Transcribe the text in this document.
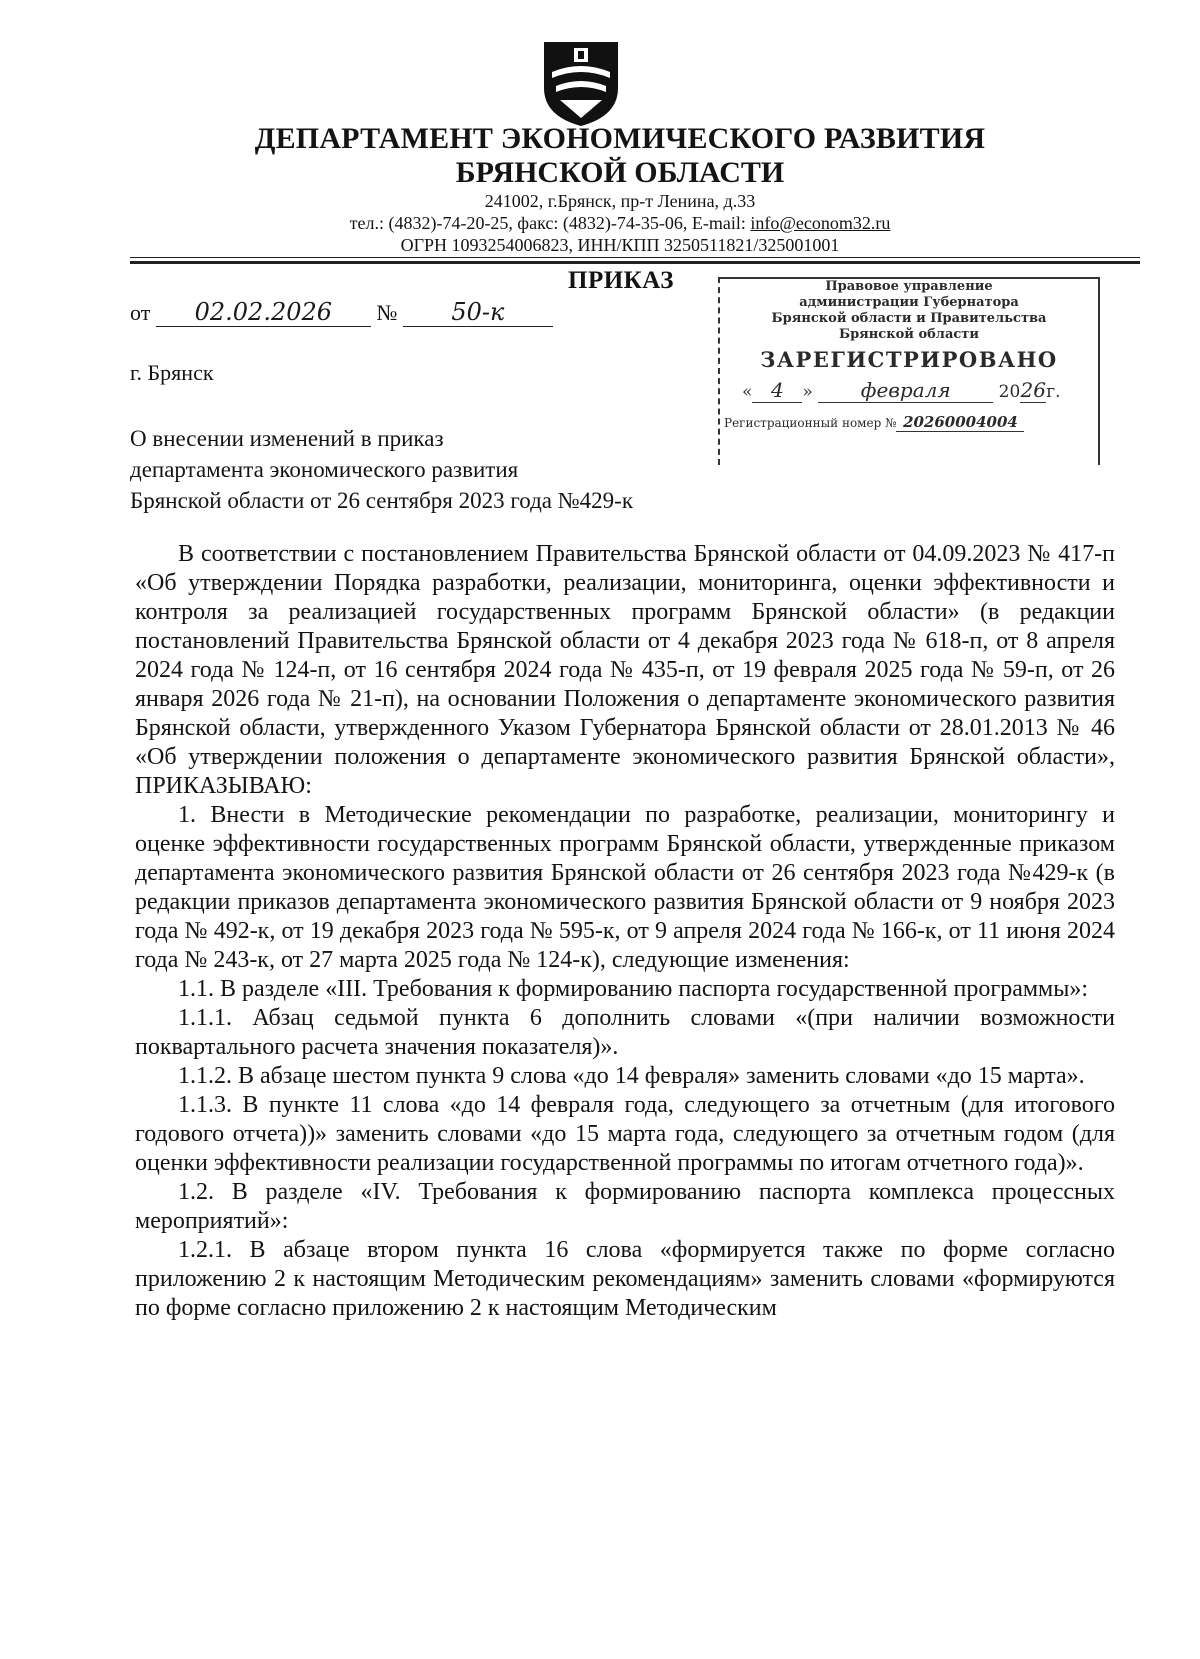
ДЕПАРТАМЕНТ ЭКОНОМИЧЕСКОГО РАЗВИТИЯ
БРЯНСКОЙ ОБЛАСТИ
241002, г.Брянск, пр-т Ленина, д.33
тел.: (4832)-74-20-25, факс: (4832)-74-35-06, E-mail: info@econom32.ru
ОГРН 1093254006823, ИНН/КПП 3250511821/325001001
ПРИКАЗ
от 02.02.2026 № 50-к
г. Брянск
О внесении изменений в приказ
департамента экономического развития
Брянской области от 26 сентября 2023 года №429-к
Правовое управление
администрации Губернатора
Брянской области и Правительства
Брянской области
ЗАРЕГИСТРИРОВАНО
« 4 » февраля	2026г.
Регистрационный номер № 20260004004

В соответствии с постановлением Правительства Брянской области от 04.09.2023 № 417-п «Об утверждении Порядка разработки, реализации, мониторинга, оценки эффективности и контроля за реализацией государственных программ Брянской области» (в редакции постановлений Правительства Брянской области от 4 декабря 2023 года № 618-п, от 8 апреля 2024 года № 124-п, от 16 сентября 2024 года № 435-п, от 19 февраля 2025 года № 59-п, от 26 января 2026 года № 21-п), на основании Положения о департаменте экономического развития Брянской области, утвержденного Указом Губернатора Брянской области от 28.01.2013 № 46 «Об утверждении положения о департаменте экономического развития Брянской области», ПРИКАЗЫВАЮ:

1. Внести в Методические рекомендации по разработке, реализации, мониторингу и оценке эффективности государственных программ Брянской области, утвержденные приказом департамента экономического развития Брянской области от 26 сентября 2023 года №429-к (в редакции приказов департамента экономического развития Брянской области от 9 ноября 2023 года № 492-к, от 19 декабря 2023 года № 595-к, от 9 апреля 2024 года № 166-к, от 11 июня 2024 года № 243-к, от 27 марта 2025 года № 124-к), следующие изменения:

1.1. В разделе «III. Требования к формированию паспорта государственной программы»:

1.1.1. Абзац седьмой пункта 6 дополнить словами «(при наличии возможности поквартального расчета значения показателя)».

1.1.2. В абзаце шестом пункта 9 слова «до 14 февраля» заменить словами «до 15 марта».

1.1.3. В пункте 11 слова «до 14 февраля года, следующего за отчетным (для итогового годового отчета))» заменить словами «до 15 марта года, следующего за отчетным годом (для оценки эффективности реализации государственной программы по итогам отчетного года)».

1.2. В разделе «IV. Требования к формированию паспорта комплекса процессных мероприятий»:

1.2.1. В абзаце втором пункта 16 слова «формируется также по форме согласно приложению 2 к настоящим Методическим рекомендациям» заменить словами «формируются по форме согласно приложению 2 к настоящим Методическим
